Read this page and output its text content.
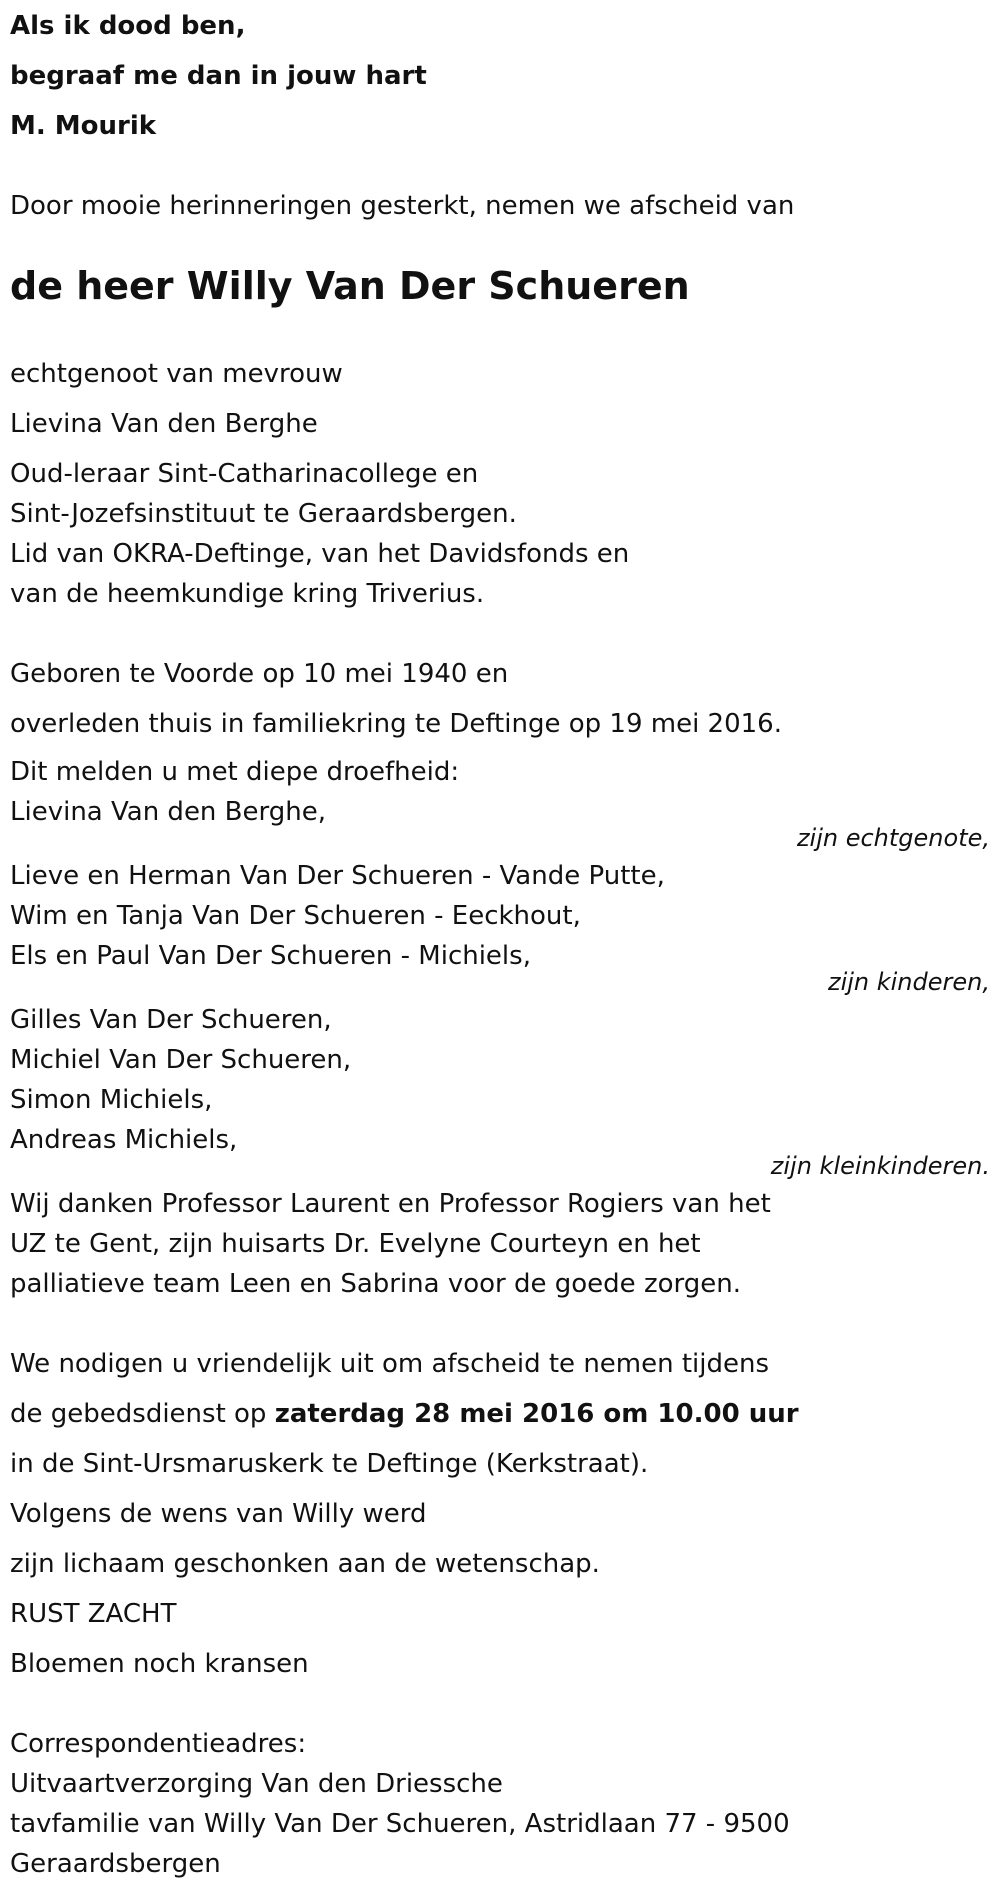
Als ik dood ben,
begraaf me dan in jouw hart
M. Mourik
Door mooie herinneringen gesterkt, nemen we afscheid van
de heer Willy Van Der Schueren
echtgenoot van mevrouw
Lievina Van den Berghe
Oud-leraar Sint-Catharinacollege en
Sint-Jozefsinstituut te Geraardsbergen.
Lid van OKRA-Deftinge, van het Davidsfonds en
van de heemkundige kring Triverius.
Geboren te Voorde op 10 mei 1940 en
overleden thuis in familiekring te Deftinge op 19 mei 2016.
Dit melden u met diepe droefheid:
Lievina Van den Berghe,
zijn echtgenote,
Lieve en Herman Van Der Schueren - Vande Putte,
Wim en Tanja Van Der Schueren - Eeckhout,
Els en Paul Van Der Schueren - Michiels,
zijn kinderen,
Gilles Van Der Schueren,
Michiel Van Der Schueren,
Simon Michiels,
Andreas Michiels,
zijn kleinkinderen.
Wij danken Professor Laurent en Professor Rogiers van het
UZ te Gent, zijn huisarts Dr. Evelyne Courteyn en het
palliatieve team Leen en Sabrina voor de goede zorgen.
We nodigen u vriendelijk uit om afscheid te nemen tijdens
de gebedsdienst op zaterdag 28 mei 2016 om 10.00 uur
in de Sint-Ursmaruskerk te Deftinge (Kerkstraat).
Volgens de wens van Willy werd
zijn lichaam geschonken aan de wetenschap.
RUST ZACHT
Bloemen noch kransen
Correspondentieadres:
Uitvaartverzorging Van den Driessche
tavfamilie van Willy Van Der Schueren, Astridlaan 77 - 9500
Geraardsbergen
